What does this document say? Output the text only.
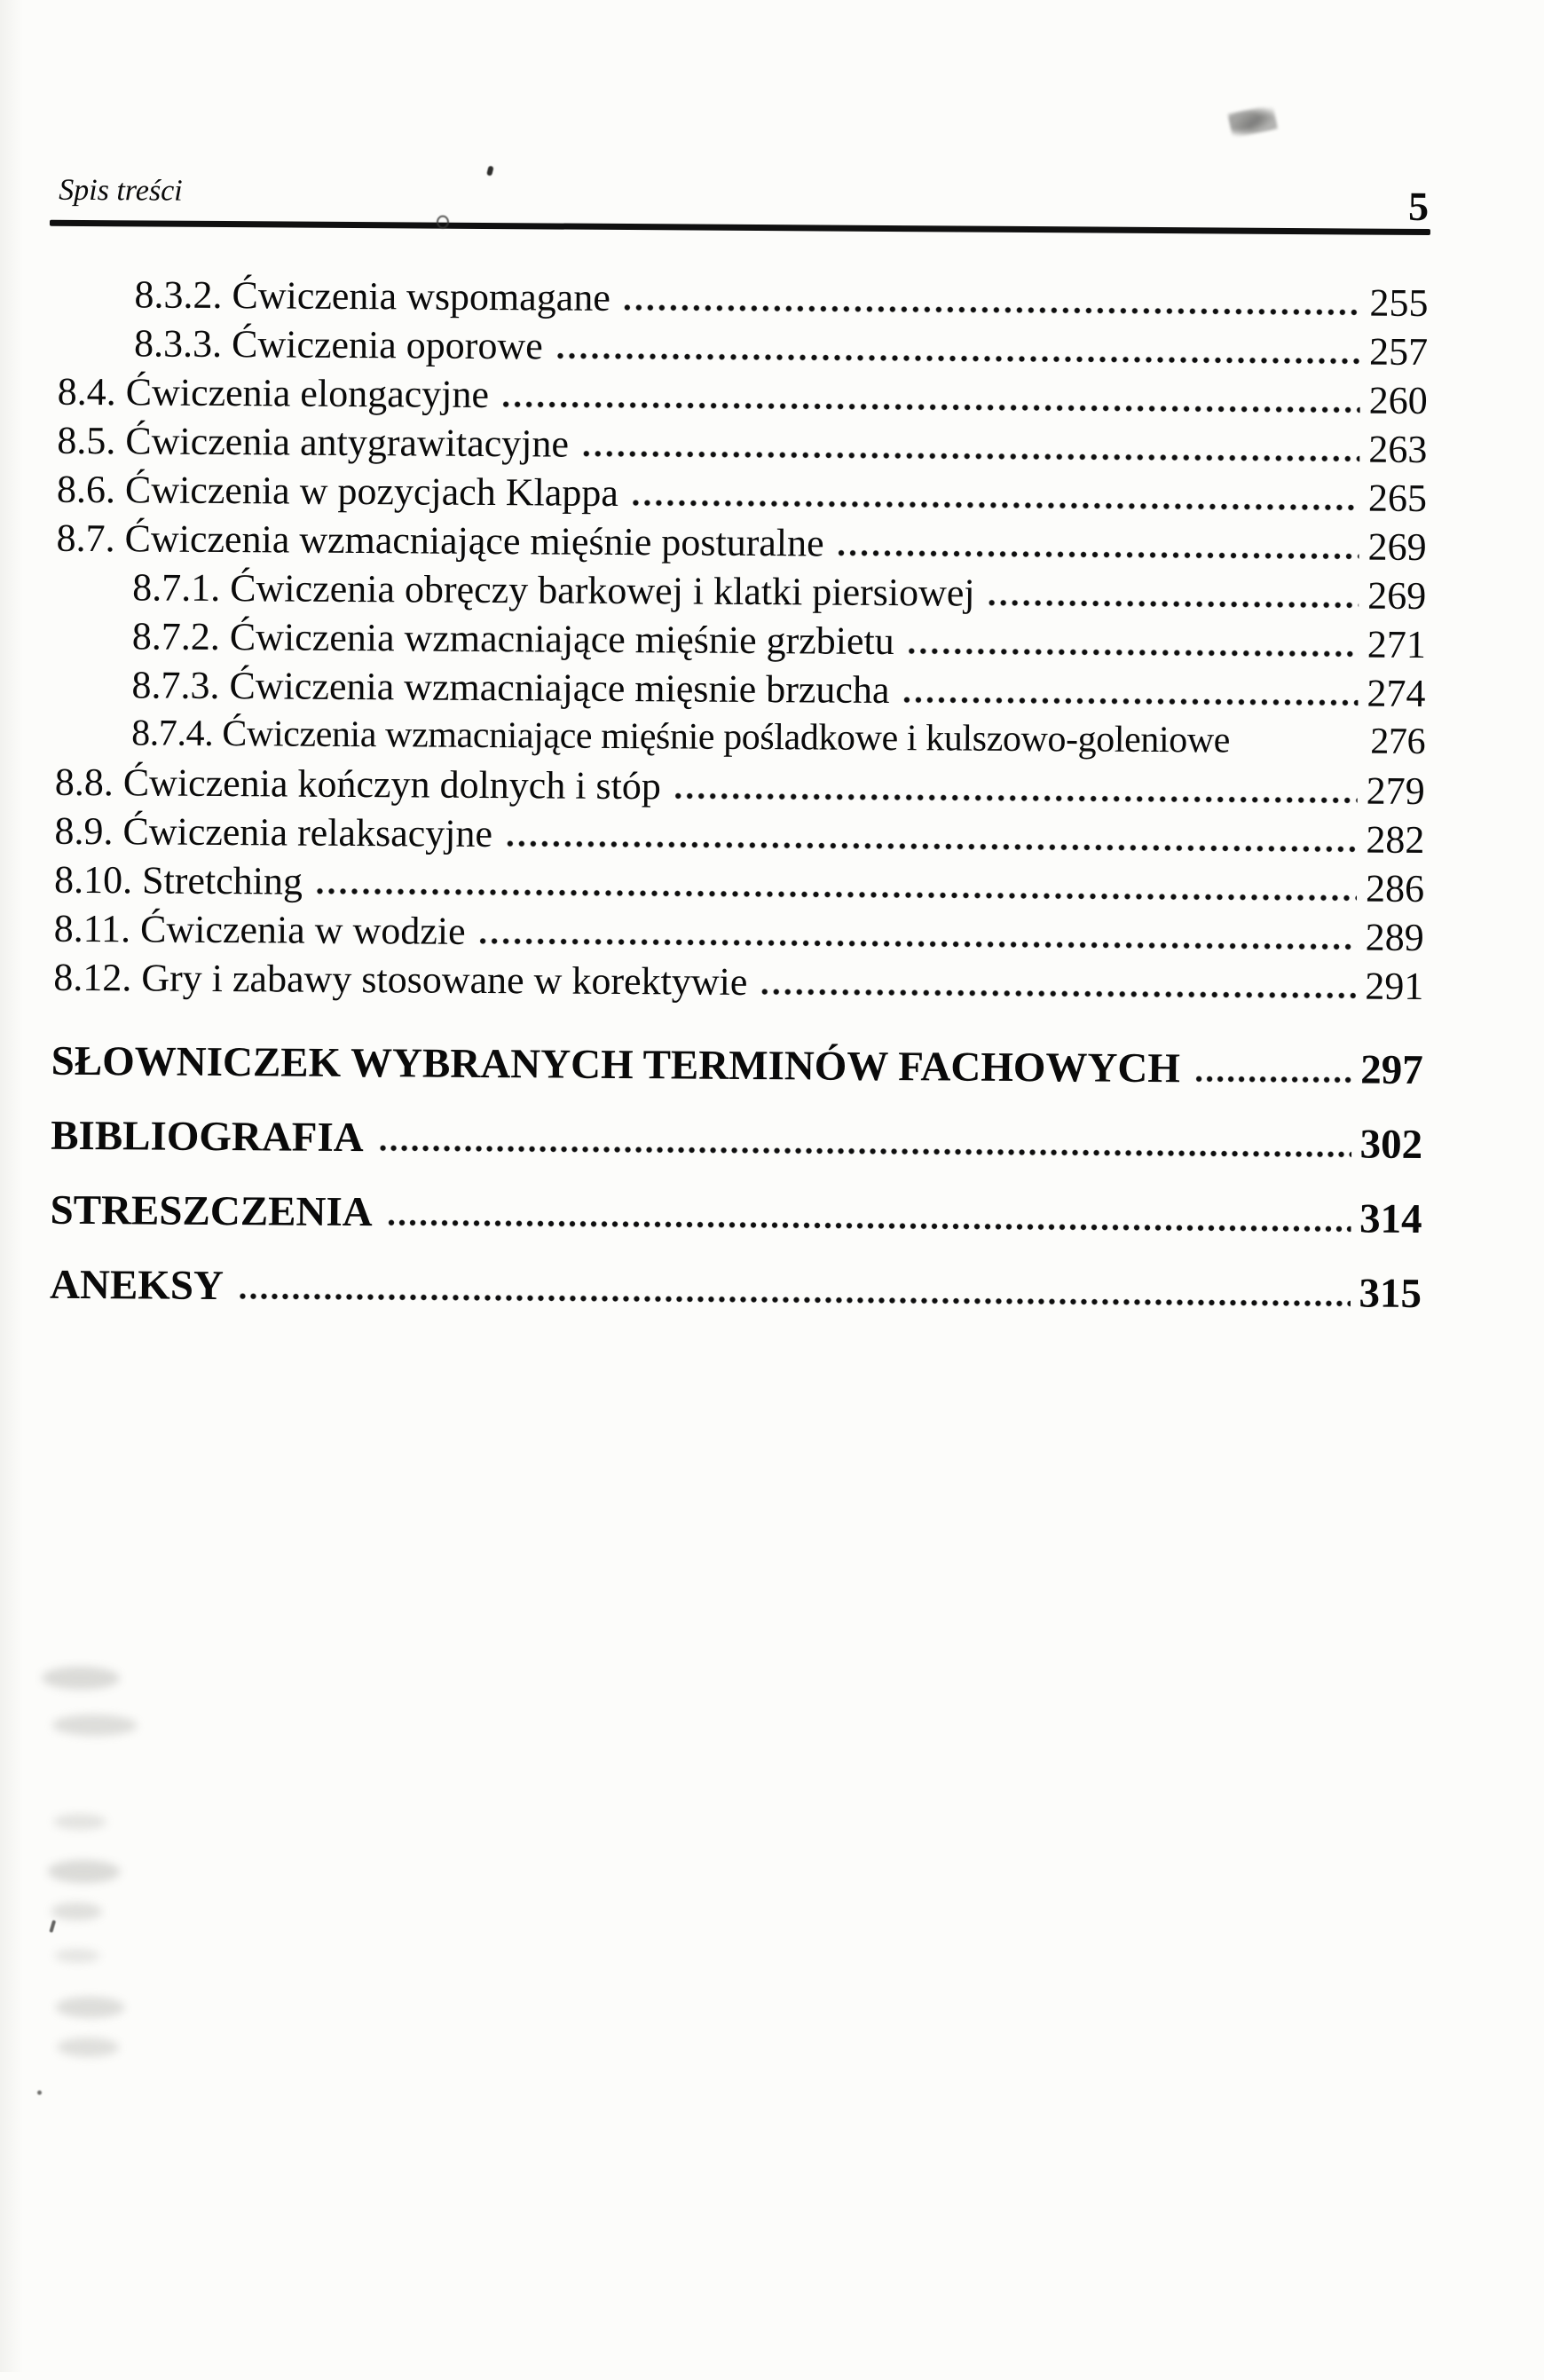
Spis treści	5
8.3.2. Ćwiczenia wspomagane	255
8.3.3. Ćwiczenia oporowe	257
8.4. Ćwiczenia elongacyjne	260
8.5. Ćwiczenia antygrawitacyjne	263
8.6. Ćwiczenia w pozycjach Klappa	265
8.7. Ćwiczenia wzmacniające mięśnie posturalne	269
8.7.1. Ćwiczenia obręczy barkowej i klatki piersiowej	269
8.7.2. Ćwiczenia wzmacniające mięśnie grzbietu	271
8.7.3. Ćwiczenia wzmacniające mięsnie brzucha	274
8.7.4. Ćwiczenia wzmacniające mięśnie pośladkowe i kulszowo-goleniowe	276
8.8. Ćwiczenia kończyn dolnych i stóp	279
8.9. Ćwiczenia relaksacyjne	282
8.10. Stretching	286
8.11. Ćwiczenia w wodzie	289
8.12. Gry i zabawy stosowane w korektywie	291
SŁOWNICZEK WYBRANYCH TERMINÓW FACHOWYCH	297
BIBLIOGRAFIA	302
STRESZCZENIA	314
ANEKSY	315
